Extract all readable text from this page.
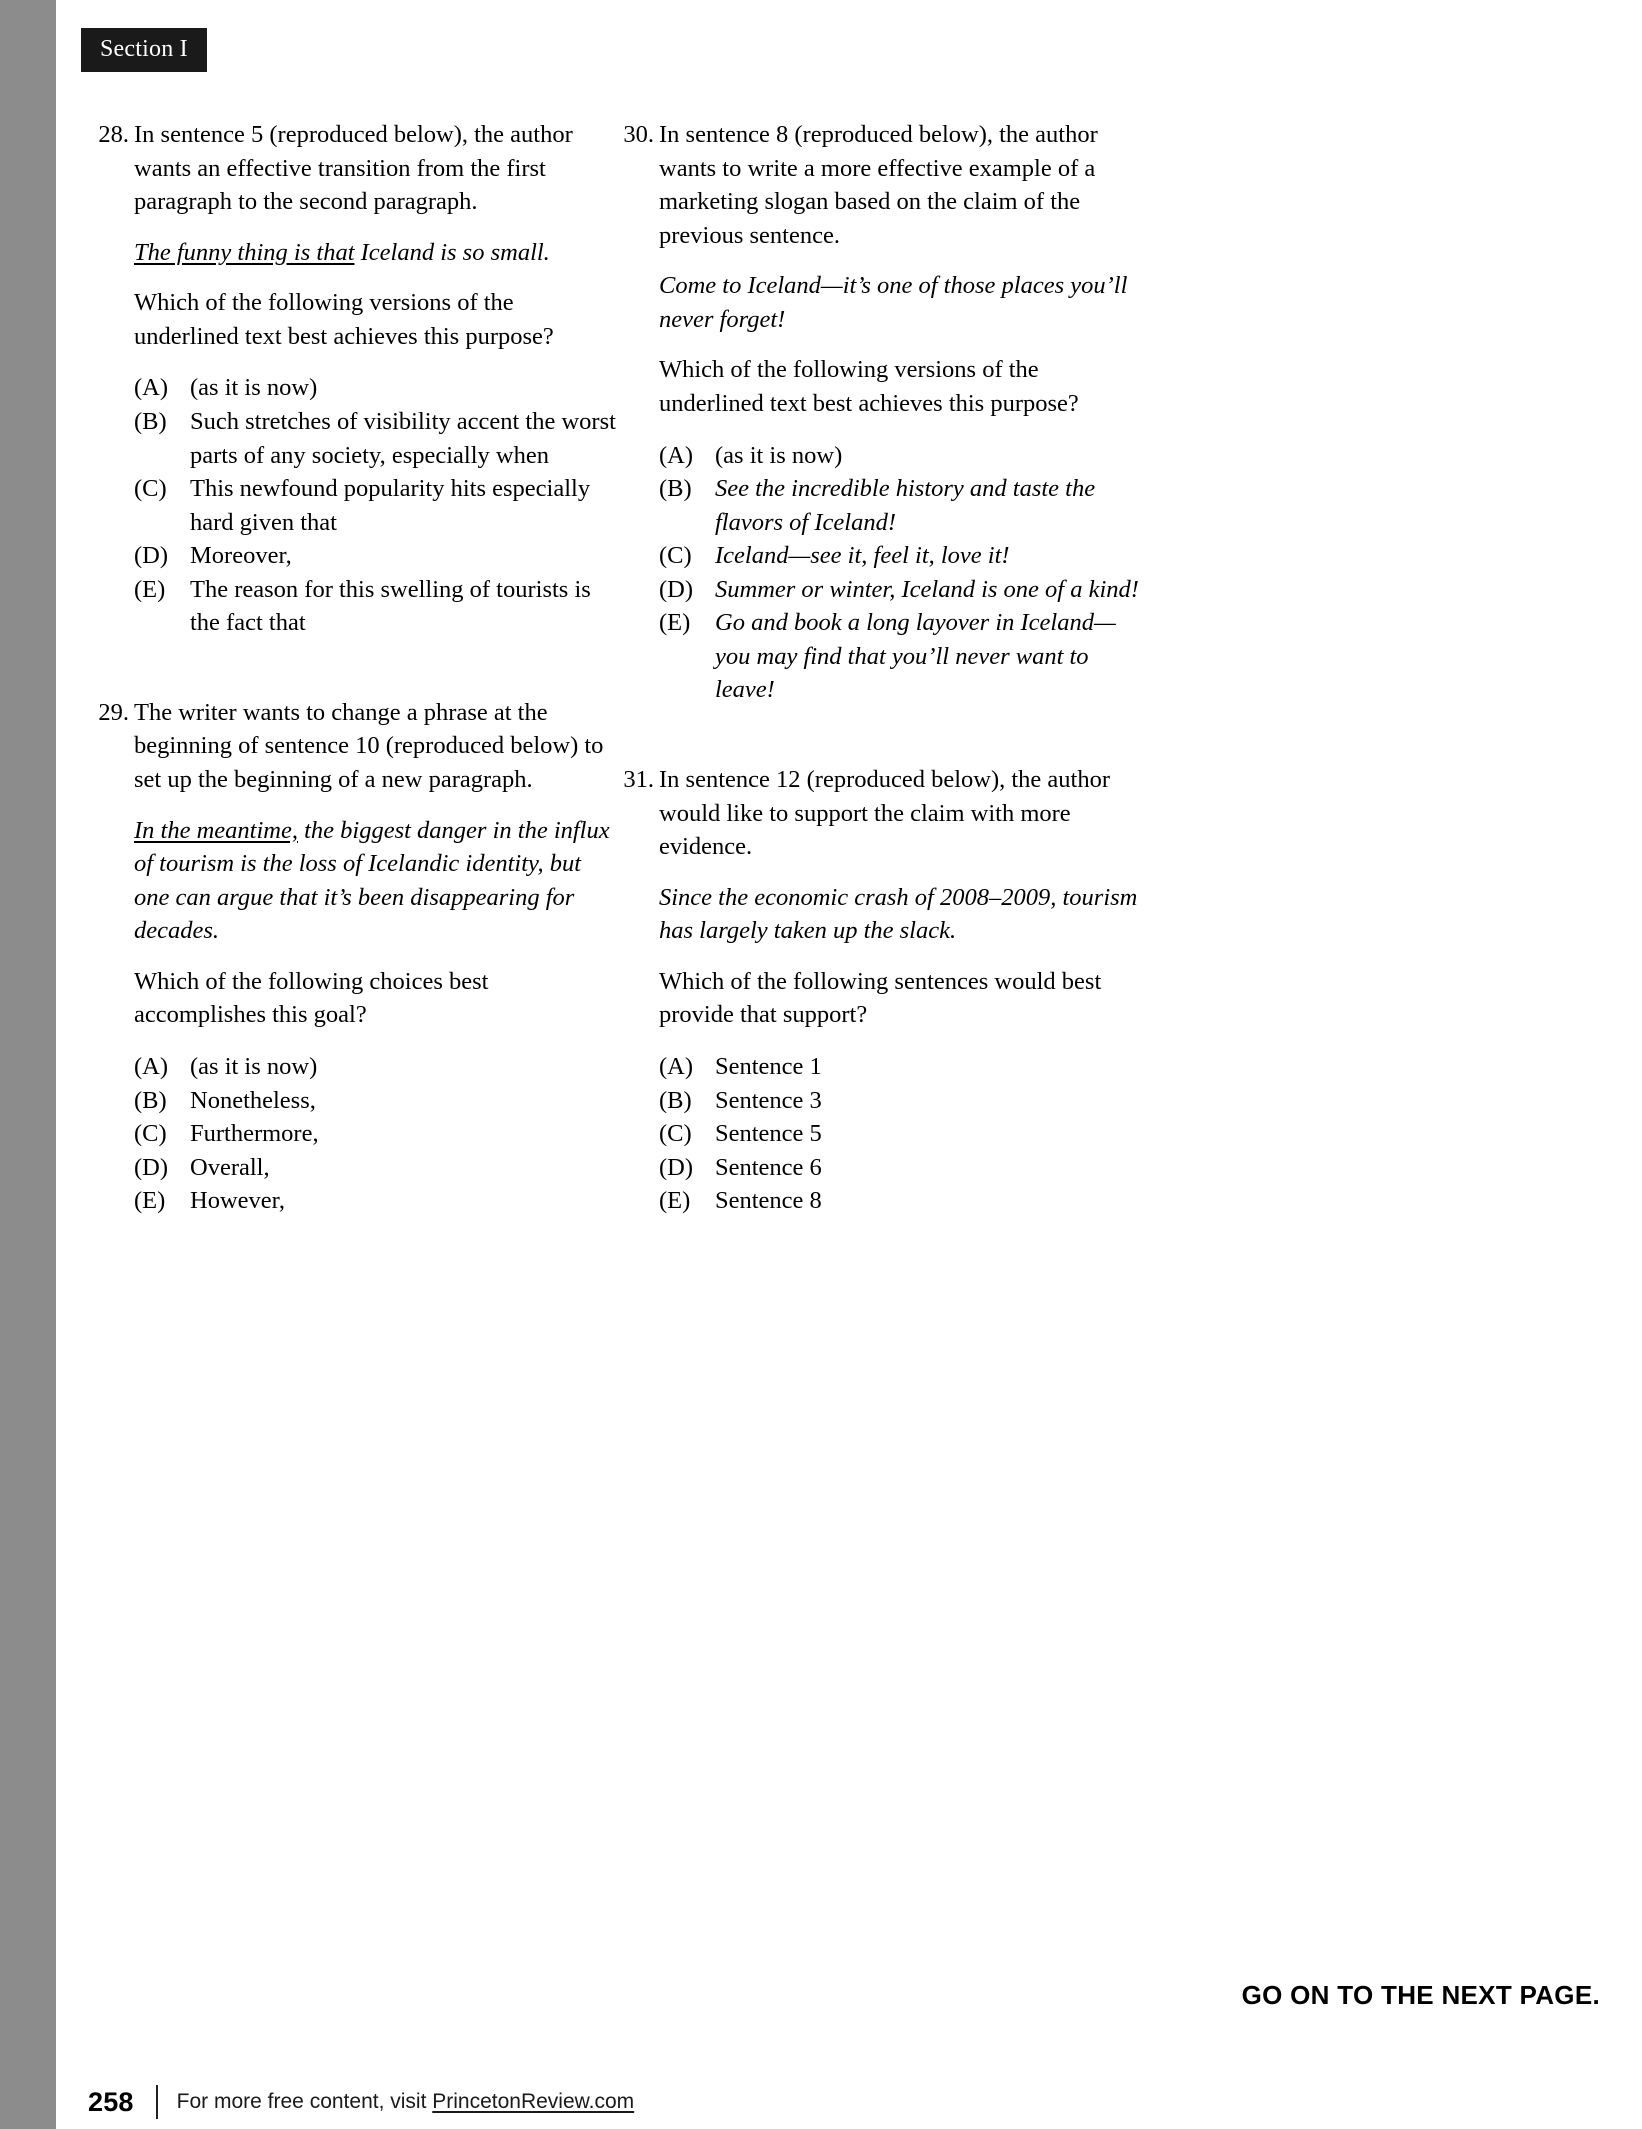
Section I
28. In sentence 5 (reproduced below), the author wants an effective transition from the first paragraph to the second paragraph.
The funny thing is that Iceland is so small.
Which of the following versions of the underlined text best achieves this purpose?
(A) (as it is now)
(B) Such stretches of visibility accent the worst parts of any society, especially when
(C) This newfound popularity hits especially hard given that
(D) Moreover,
(E)	The reason for this swelling of tourists is the fact that
29. The writer wants to change a phrase at the beginning of sentence 10 (reproduced below) to set up the beginning of a new paragraph.
In the meantime, the biggest danger in the influx of tourism is the loss of Icelandic identity, but one can argue that it’s been disappearing for decades.
Which of the following choices best accomplishes this goal?
(A) (as it is now)
(B) Nonetheless,
(C) Furthermore,
(D) Overall,
(E)	However,
30. In sentence 8 (reproduced below), the author wants to write a more effective example of a marketing slogan based on the claim of the previous sentence.
Come to Iceland—it’s one of those places you’ll never forget!
Which of the following versions of the underlined text best achieves this purpose?
(A) (as it is now)
(B) See the incredible history and taste the flavors of Iceland!
(C) Iceland—see it, feel it, love it!
(D) Summer or winter, Iceland is one of a kind!
(E)	Go and book a long layover in Iceland—you may find that you’ll never want to leave!
31. In sentence 12 (reproduced below), the author would like to support the claim with more evidence.
Since the economic crash of 2008–2009, tourism has largely taken up the slack.
Which of the following sentences would best provide that support?
(A) Sentence 1
(B) Sentence 3
(C) Sentence 5
(D) Sentence 6
(E)	Sentence 8
GO ON TO THE NEXT PAGE.
258 For more free content, visit PrincetonReview.com
